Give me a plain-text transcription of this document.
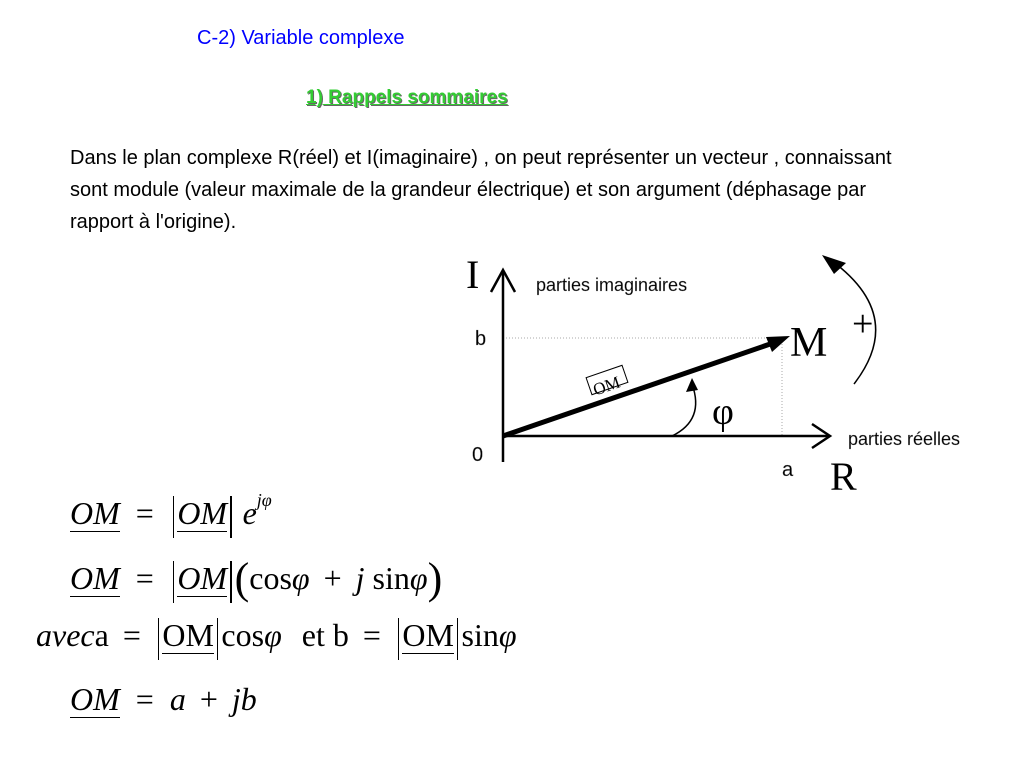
C-2) Variable complexe
1) Rappels sommaires
Dans le plan complexe R(réel) et I(imaginaire) , on peut représenter un vecteur , connaissant sont module (valeur maximale de la grandeur électrique) et son argument (déphasage par rapport à l'origine).
OM
I	parties imaginaires
parties réelles
R
M +
φ
b
0
a
OM = OM $e^{j\varphi}$
OM = OM (cosφ + j sinφ)
aveca = OM cosφ et b = OM sinφ
OM = a + jb
